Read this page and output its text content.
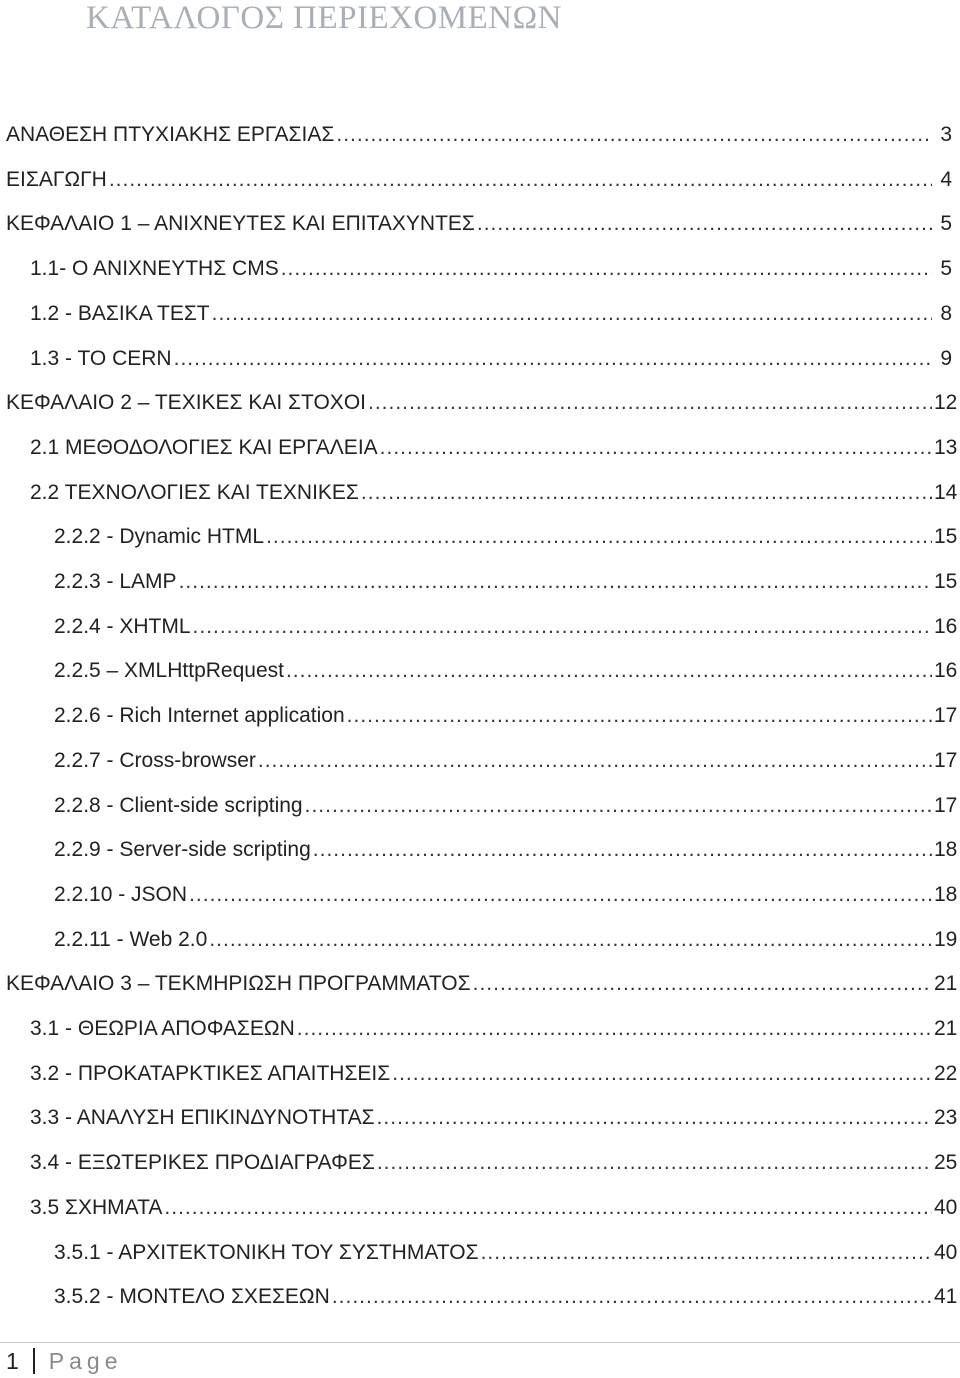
ΚΑΤΑΛΟΓΟΣ ΠΕΡΙΕΧΟΜΕΝΩΝ
ΑΝΑΘΕΣΗ ΠΤΥΧΙΑΚΗΣ ΕΡΓΑΣΙΑΣ .....	3
ΕΙΣΑΓΩΓΗ .....	4
ΚΕΦΑΛΑΙΟ 1 – ΑΝΙΧΝΕΥΤΕΣ ΚΑΙ ΕΠΙΤΑΧΥΝΤΕΣ .....	5
1.1- Ο ΑΝΙΧΝΕΥΤΗΣ CMS .....	5
1.2 - ΒΑΣΙΚΑ ΤΕΣΤ .....	8
1.3 - ΤΟ CERN .....	9
ΚΕΦΑΛΑΙΟ 2 – ΤΕΧΙΚΕΣ ΚΑΙ ΣΤΟΧΟΙ .....	12
2.1 ΜΕΘΟΔΟΛΟΓΙΕΣ ΚΑΙ ΕΡΓΑΛΕΙΑ .....	13
2.2 ΤΕΧΝΟΛΟΓΙΕΣ ΚΑΙ ΤΕΧΝΙΚΕΣ .....	14
2.2.2 - Dynamic HTML .....	15
2.2.3 - LAMP .....	15
2.2.4 - XHTML .....	16
2.2.5 – XMLHttpRequest .....	16
2.2.6 - Rich Internet application .....	17
2.2.7 - Cross-browser .....	17
2.2.8 - Client-side scripting .....	17
2.2.9 - Server-side scripting .....	18
2.2.10 - JSON .....	18
2.2.11 - Web 2.0 .....	19
ΚΕΦΑΛΑΙΟ 3 – ΤΕΚΜΗΡΙΩΣΗ ΠΡΟΓΡΑΜΜΑΤΟΣ .....	21
3.1 - ΘΕΩΡΙΑ ΑΠΟΦΑΣΕΩΝ .....	21
3.2 - ΠΡΟΚΑΤΑΡΚΤΙΚΕΣ ΑΠΑΙΤΗΣΕΙΣ .....	22
3.3 - ΑΝΑΛΥΣΗ ΕΠΙΚΙΝΔΥΝΟΤΗΤΑΣ .....	23
3.4 - ΕΞΩΤΕΡΙΚΕΣ ΠΡΟΔΙΑΓΡΑΦΕΣ .....	25
3.5 ΣΧΗΜΑΤΑ .....	40
3.5.1 - ΑΡΧΙΤΕΚΤΟΝΙΚΗ ΤΟΥ ΣΥΣΤΗΜΑΤΟΣ .....	40
3.5.2 - ΜΟΝΤΕΛΟ ΣΧΕΣΕΩΝ .....	41
1 Page
